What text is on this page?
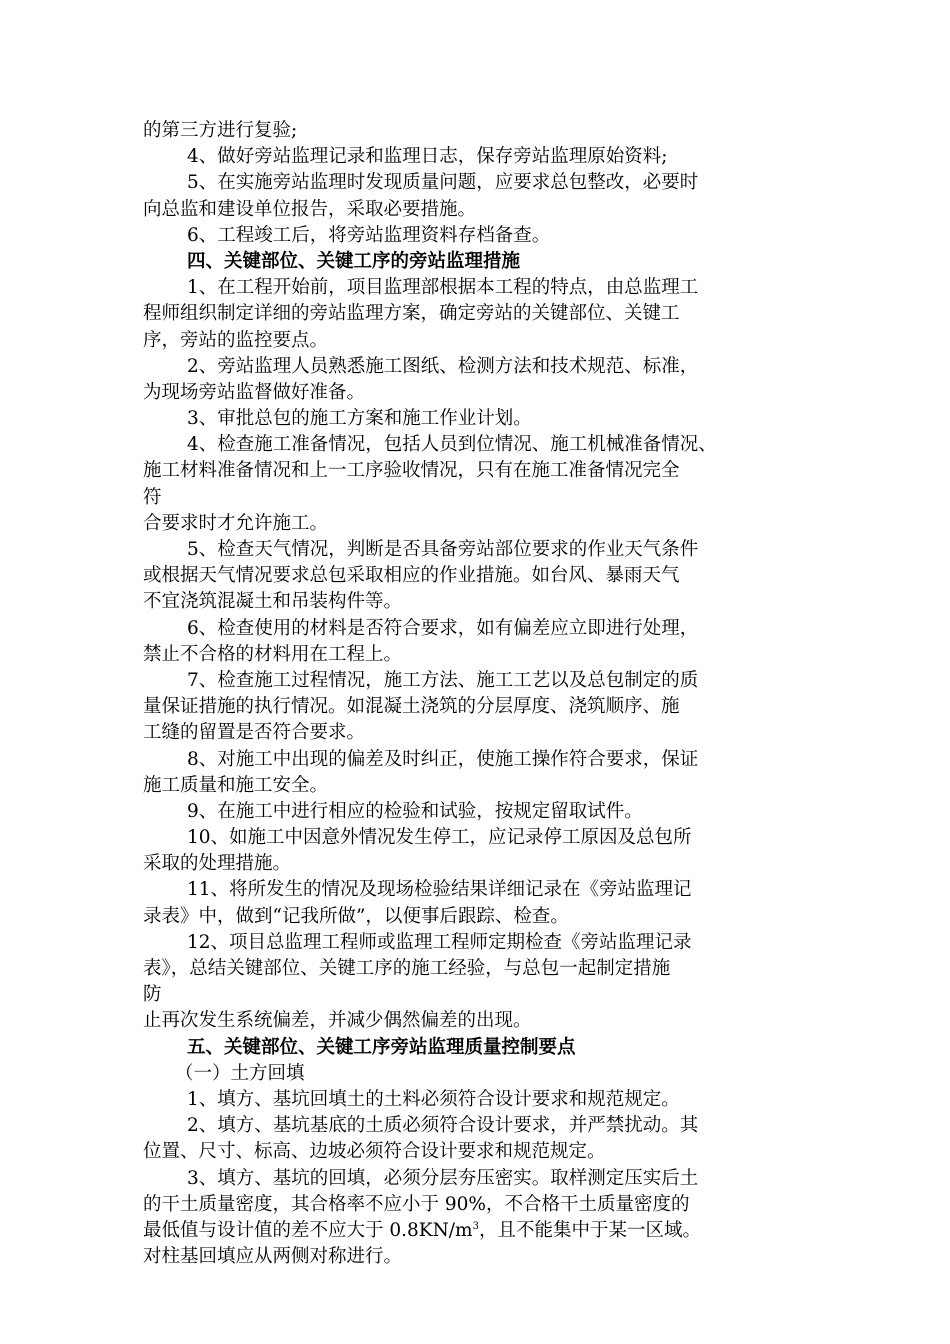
的第三方进行复验;
4、做好旁站监理记录和监理日志，保存旁站监理原始资料;
5、在实施旁站监理时发现质量问题，应要求总包整改，必要时
向总监和建设单位报告，采取必要措施。
6、工程竣工后，将旁站监理资料存档备查。
四、关键部位、关键工序的旁站监理措施
1、在工程开始前，项目监理部根据本工程的特点，由总监理工
程师组织制定详细的旁站监理方案，确定旁站的关键部位、关键工
序，旁站的监控要点。
2、旁站监理人员熟悉施工图纸、检测方法和技术规范、标准，
为现场旁站监督做好准备。
3、审批总包的施工方案和施工作业计划。
4、检查施工准备情况，包括人员到位情况、施工机械准备情况、
施工材料准备情况和上一工序验收情况，只有在施工准备情况完全
符
合要求时才允许施工。
5、检查天气情况，判断是否具备旁站部位要求的作业天气条件
或根据天气情况要求总包采取相应的作业措施。如台风、暴雨天气
不宜浇筑混凝土和吊装构件等。
6、检查使用的材料是否符合要求，如有偏差应立即进行处理，
禁止不合格的材料用在工程上。
7、检查施工过程情况，施工方法、施工工艺以及总包制定的质
量保证措施的执行情况。如混凝土浇筑的分层厚度、浇筑顺序、施
工缝的留置是否符合要求。
8、对施工中出现的偏差及时纠正，使施工操作符合要求，保证
施工质量和施工安全。
9、在施工中进行相应的检验和试验，按规定留取试件。
10、如施工中因意外情况发生停工，应记录停工原因及总包所
采取的处理措施。
11、将所发生的情况及现场检验结果详细记录在《旁站监理记
录表》中，做到“记我所做”，以便事后跟踪、检查。
12、项目总监理工程师或监理工程师定期检查《旁站监理记录
表》，总结关键部位、关键工序的施工经验，与总包一起制定措施
防
止再次发生系统偏差，并减少偶然偏差的出现。
五、关键部位、关键工序旁站监理质量控制要点
（一）土方回填
1、填方、基坑回填土的土料必须符合设计要求和规范规定。
2、填方、基坑基底的土质必须符合设计要求，并严禁扰动。其
位置、尺寸、标高、边坡必须符合设计要求和规范规定。
3、填方、基坑的回填，必须分层夯压密实。取样测定压实后土
的干土质量密度，其合格率不应小于 90%，不合格干土质量密度的
最低值与设计值的差不应大于 $0.8KN/m^3$，且不能集中于某一区域。
对柱基回填应从两侧对称进行。
